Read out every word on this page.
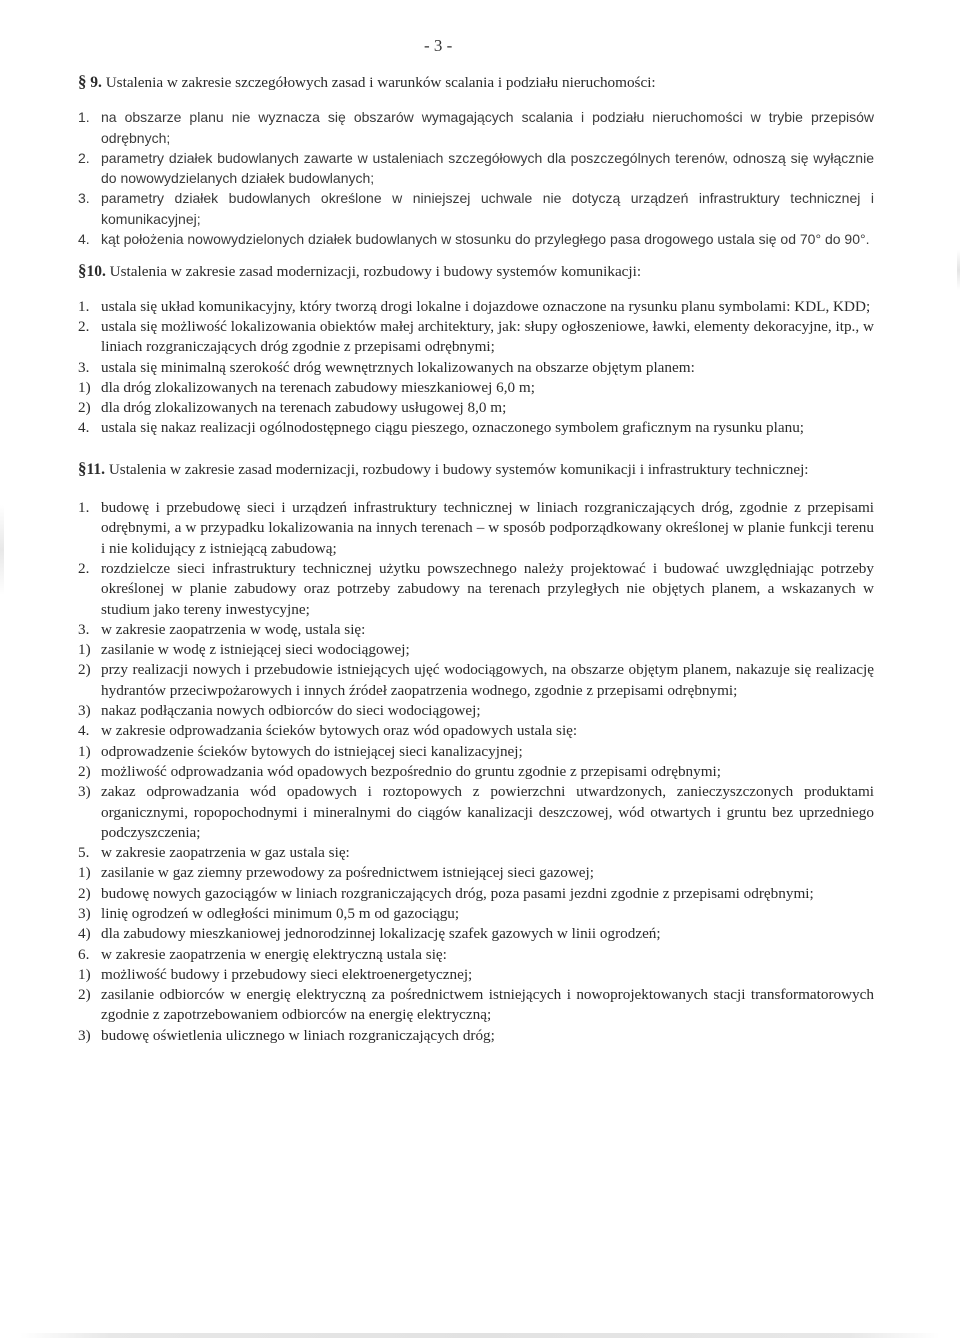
- 3 -

§ 9. Ustalenia w zakresie szczegółowych zasad i warunków scalania i podziału nieruchomości:

1. na obszarze planu nie wyznacza się obszarów wymagających scalania i podziału nieruchomości w trybie przepisów odrębnych;
2. parametry działek budowlanych zawarte w ustaleniach szczegółowych dla poszczególnych terenów, odnoszą się wyłącznie do nowowydzielanych działek budowlanych;
3. parametry działek budowlanych określone w niniejszej uchwale nie dotyczą urządzeń infrastruktury technicznej i komunikacyjnej;
4. kąt położenia nowowydzielonych działek budowlanych w stosunku do przyległego pasa drogowego ustala się od 70° do 90°.

§10. Ustalenia w zakresie zasad modernizacji, rozbudowy i budowy systemów komunikacji:

1. ustala się układ komunikacyjny, który tworzą drogi lokalne i dojazdowe oznaczone na rysunku planu symbolami: KDL, KDD;
2. ustala się możliwość lokalizowania obiektów małej architektury, jak: słupy ogłoszeniowe, ławki, elementy dekoracyjne, itp., w liniach rozgraniczających dróg zgodnie z przepisami odrębnymi;
3. ustala się minimalną szerokość dróg wewnętrznych lokalizowanych na obszarze objętym planem:
1) dla dróg zlokalizowanych na terenach zabudowy mieszkaniowej 6,0 m;
2) dla dróg zlokalizowanych na terenach zabudowy usługowej 8,0 m;
4. ustala się nakaz realizacji ogólnodostępnego ciągu pieszego, oznaczonego symbolem graficznym na rysunku planu;

§11. Ustalenia w zakresie zasad modernizacji, rozbudowy i budowy systemów komunikacji i infrastruktury technicznej:

1. budowę i przebudowę sieci i urządzeń infrastruktury technicznej w liniach rozgraniczających dróg, zgodnie z przepisami odrębnymi, a w przypadku lokalizowania na innych terenach – w sposób podporządkowany określonej w planie funkcji terenu i nie kolidujący z istniejącą zabudową;
2. rozdzielcze sieci infrastruktury technicznej użytku powszechnego należy projektować i budować uwzględniając potrzeby określonej w planie zabudowy oraz potrzeby zabudowy na terenach przyległych nie objętych planem, a wskazanych w studium jako tereny inwestycyjne;
3. w zakresie zaopatrzenia w wodę, ustala się:
1) zasilanie w wodę z istniejącej sieci wodociągowej;
2) przy realizacji nowych i przebudowie istniejących ujęć wodociągowych, na obszarze objętym planem, nakazuje się realizację hydrantów przeciwpożarowych i innych źródeł zaopatrzenia wodnego, zgodnie z przepisami odrębnymi;
3) nakaz podłączania nowych odbiorców do sieci wodociągowej;
4. w zakresie odprowadzania ścieków bytowych oraz wód opadowych ustala się:
1) odprowadzenie ścieków bytowych do istniejącej sieci kanalizacyjnej;
2) możliwość odprowadzania wód opadowych bezpośrednio do gruntu zgodnie z przepisami odrębnymi;
3) zakaz odprowadzania wód opadowych i roztopowych z powierzchni utwardzonych, zanieczyszczonych produktami organicznymi, ropopochodnymi i mineralnymi do ciągów kanalizacji deszczowej, wód otwartych i gruntu bez uprzedniego podczyszczenia;
5. w zakresie zaopatrzenia w gaz ustala się:
1) zasilanie w gaz ziemny przewodowy za pośrednictwem istniejącej sieci gazowej;
2) budowę nowych gazociągów w liniach rozgraniczających dróg, poza pasami jezdni zgodnie z przepisami odrębnymi;
3) linię ogrodzeń w odległości minimum 0,5 m od gazociągu;
4) dla zabudowy mieszkaniowej jednorodzinnej lokalizację szafek gazowych w linii ogrodzeń;
6. w zakresie zaopatrzenia w energię elektryczną ustala się:
1) możliwość budowy i przebudowy sieci elektroenergetycznej;
2) zasilanie odbiorców w energię elektryczną za pośrednictwem istniejących i nowoprojektowanych stacji transformatorowych zgodnie z zapotrzebowaniem odbiorców na energię elektryczną;
3) budowę oświetlenia ulicznego w liniach rozgraniczających dróg;
